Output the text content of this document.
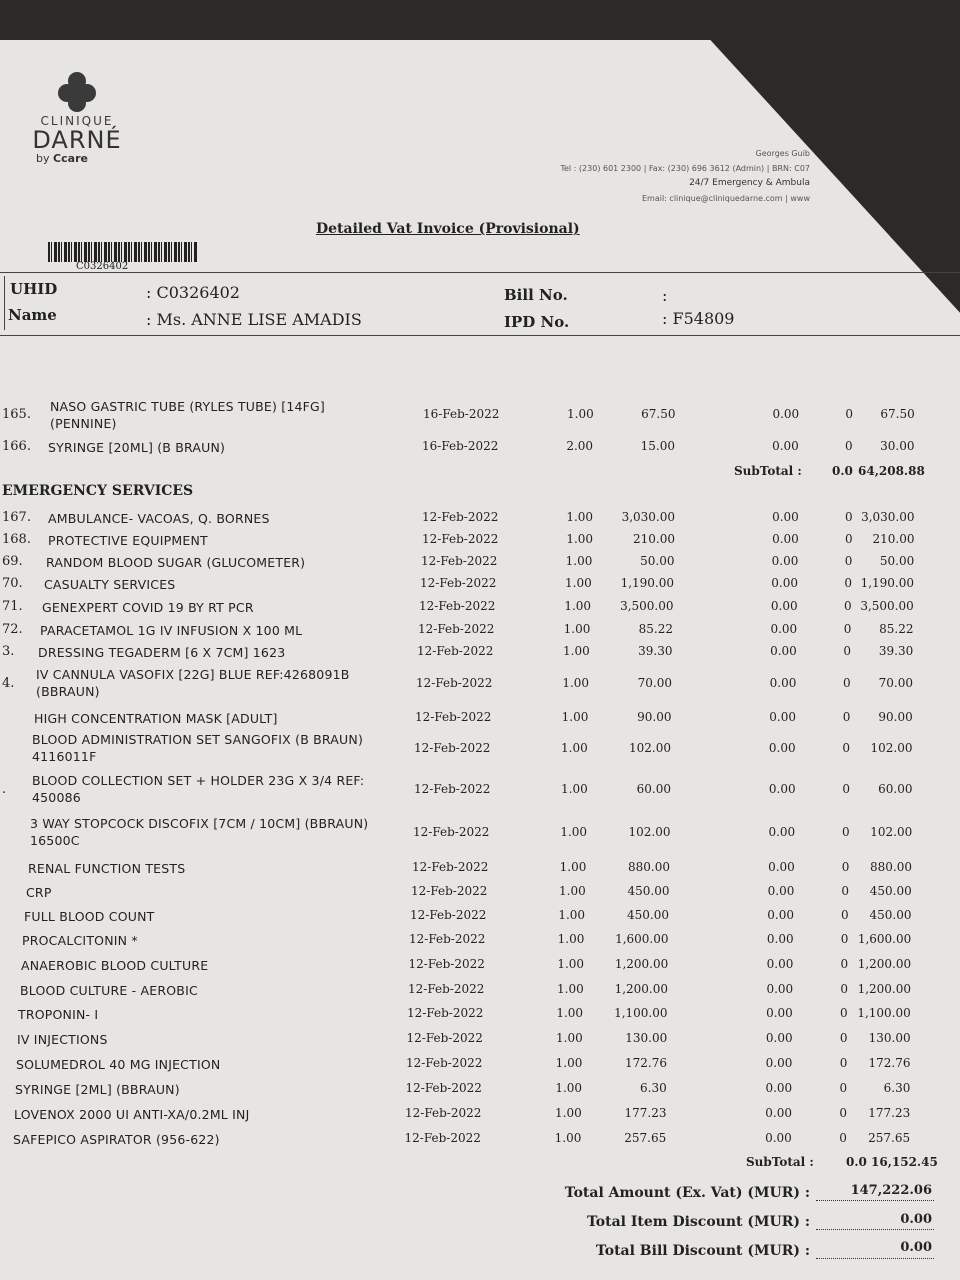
CLINIQUE
DARNÉ
by Ccare	Georges Guib
Tel : (230) 601 2300 | Fax: (230) 696 3612 (Admin) | BRN: C07
24/7 Emergency & Ambula
Email: clinique@cliniquedarne.com | www
Detailed Vat Invoice (Provisional)
C0326402
UHID	: C0326402
Name	: Ms. ANNE LISE AMADIS
Bill No.	:
IPD No.	: F54809
165.
NASO GASTRIC TUBE (RYLES TUBE) [14FG] (PENNINE)
16-Feb-2022	1.00	67.50	0.00	0	67.50
166. SYRINGE [20ML] (B BRAUN)	16-Feb-2022	2.00	15.00	0.00	0	30.00
SubTotal :	0.0 64,208.88
EMERGENCY SERVICES
167. AMBULANCE- VACOAS, Q. BORNES	12-Feb-2022	1.00	3,030.00	0.00	0 3,030.00
168. PROTECTIVE EQUIPMENT	12-Feb-2022	1.00	210.00	0.00	0	210.00
69.	RANDOM BLOOD SUGAR (GLUCOMETER)	12-Feb-2022	1.00	50.00	0.00	0	50.00
70.	CASUALTY SERVICES	12-Feb-2022	1.00	1,190.00	0.00	0 1,190.00
71.	GENEXPERT COVID 19 BY RT PCR	12-Feb-2022	1.00	3,500.00	0.00	0 3,500.00
72.	PARACETAMOL 1G IV INFUSION X 100 ML	12-Feb-2022	1.00	85.22	0.00	0	85.22
3.	DRESSING TEGADERM [6 X 7CM] 1623	12-Feb-2022	1.00	39.30	0.00	0	39.30
4.
IV CANNULA VASOFIX [22G] BLUE REF:4268091B (BBRAUN)
12-Feb-2022	1.00	70.00	0.00	0	70.00
HIGH CONCENTRATION MASK [ADULT]	12-Feb-2022	1.00	90.00	0.00	0	90.00
BLOOD ADMINISTRATION SET SANGOFIX (B BRAUN) 4116011F
12-Feb-2022	1.00	102.00	0.00	0	102.00
.
BLOOD COLLECTION SET + HOLDER 23G X 3/4 REF: 450086
12-Feb-2022	1.00	60.00	0.00	0	60.00
3 WAY STOPCOCK DISCOFIX [7CM / 10CM] (BBRAUN) 16500C
12-Feb-2022	1.00	102.00	0.00	0	102.00
RENAL FUNCTION TESTS	12-Feb-2022	1.00	880.00	0.00	0	880.00
CRP	12-Feb-2022	1.00	450.00	0.00	0	450.00
FULL BLOOD COUNT	12-Feb-2022	1.00	450.00	0.00	0	450.00
PROCALCITONIN *	12-Feb-2022	1.00	1,600.00	0.00	0 1,600.00
ANAEROBIC BLOOD CULTURE	12-Feb-2022	1.00	1,200.00	0.00	0 1,200.00
BLOOD CULTURE - AEROBIC	12-Feb-2022	1.00	1,200.00	0.00	0 1,200.00
TROPONIN- I	12-Feb-2022	1.00	1,100.00	0.00	0 1,100.00
IV INJECTIONS	12-Feb-2022	1.00	130.00	0.00	0	130.00
SOLUMEDROL 40 MG INJECTION	12-Feb-2022	1.00	172.76	0.00	0	172.76
SYRINGE [2ML] (BBRAUN)	12-Feb-2022	1.00	6.30	0.00	0	6.30
LOVENOX 2000 UI ANTI-XA/0.2ML INJ	12-Feb-2022	1.00	177.23	0.00	0	177.23
SAFEPICO ASPIRATOR (956-622)	12-Feb-2022	1.00	257.65	0.00	0	257.65
SubTotal :	0.0 16,152.45
Total Amount (Ex. Vat) (MUR) :	147,222.06
Total Item Discount (MUR) :	0.00
Total Bill Discount (MUR) :	0.00
